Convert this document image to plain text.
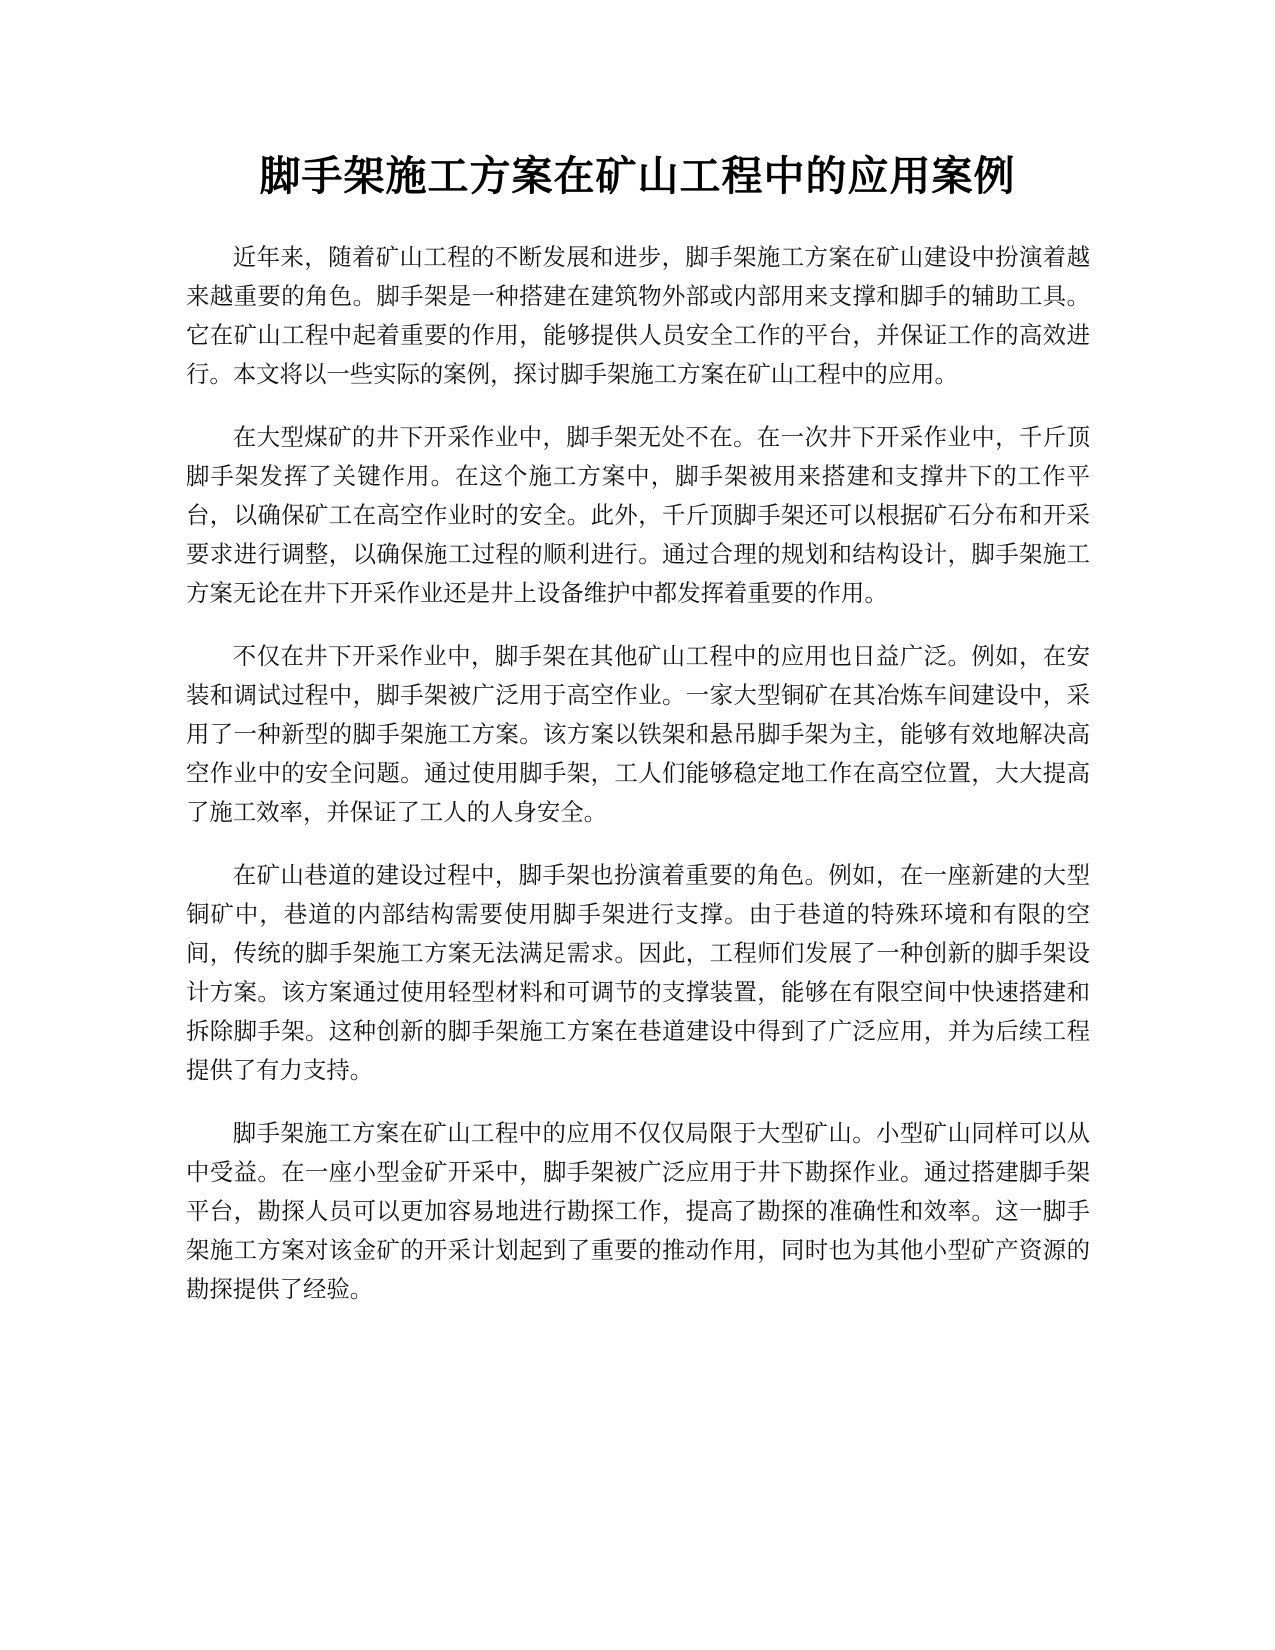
脚手架施工方案在矿山工程中的应用案例

近年来，随着矿山工程的不断发展和进步，脚手架施工方案在矿山建设中扮演着越来越重要的角色。脚手架是一种搭建在建筑物外部或内部用来支撑和脚手的辅助工具。它在矿山工程中起着重要的作用，能够提供人员安全工作的平台，并保证工作的高效进行。本文将以一些实际的案例，探讨脚手架施工方案在矿山工程中的应用。

在大型煤矿的井下开采作业中，脚手架无处不在。在一次井下开采作业中，千斤顶脚手架发挥了关键作用。在这个施工方案中，脚手架被用来搭建和支撑井下的工作平台，以确保矿工在高空作业时的安全。此外，千斤顶脚手架还可以根据矿石分布和开采要求进行调整，以确保施工过程的顺利进行。通过合理的规划和结构设计，脚手架施工方案无论在井下开采作业还是井上设备维护中都发挥着重要的作用。

不仅在井下开采作业中，脚手架在其他矿山工程中的应用也日益广泛。例如，在安装和调试过程中，脚手架被广泛用于高空作业。一家大型铜矿在其冶炼车间建设中，采用了一种新型的脚手架施工方案。该方案以铁架和悬吊脚手架为主，能够有效地解决高空作业中的安全问题。通过使用脚手架，工人们能够稳定地工作在高空位置，大大提高了施工效率，并保证了工人的人身安全。

在矿山巷道的建设过程中，脚手架也扮演着重要的角色。例如，在一座新建的大型铜矿中，巷道的内部结构需要使用脚手架进行支撑。由于巷道的特殊环境和有限的空间，传统的脚手架施工方案无法满足需求。因此，工程师们发展了一种创新的脚手架设计方案。该方案通过使用轻型材料和可调节的支撑装置，能够在有限空间中快速搭建和拆除脚手架。这种创新的脚手架施工方案在巷道建设中得到了广泛应用，并为后续工程提供了有力支持。

脚手架施工方案在矿山工程中的应用不仅仅局限于大型矿山。小型矿山同样可以从中受益。在一座小型金矿开采中，脚手架被广泛应用于井下勘探作业。通过搭建脚手架平台，勘探人员可以更加容易地进行勘探工作，提高了勘探的准确性和效率。这一脚手架施工方案对该金矿的开采计划起到了重要的推动作用，同时也为其他小型矿产资源的勘探提供了经验。
